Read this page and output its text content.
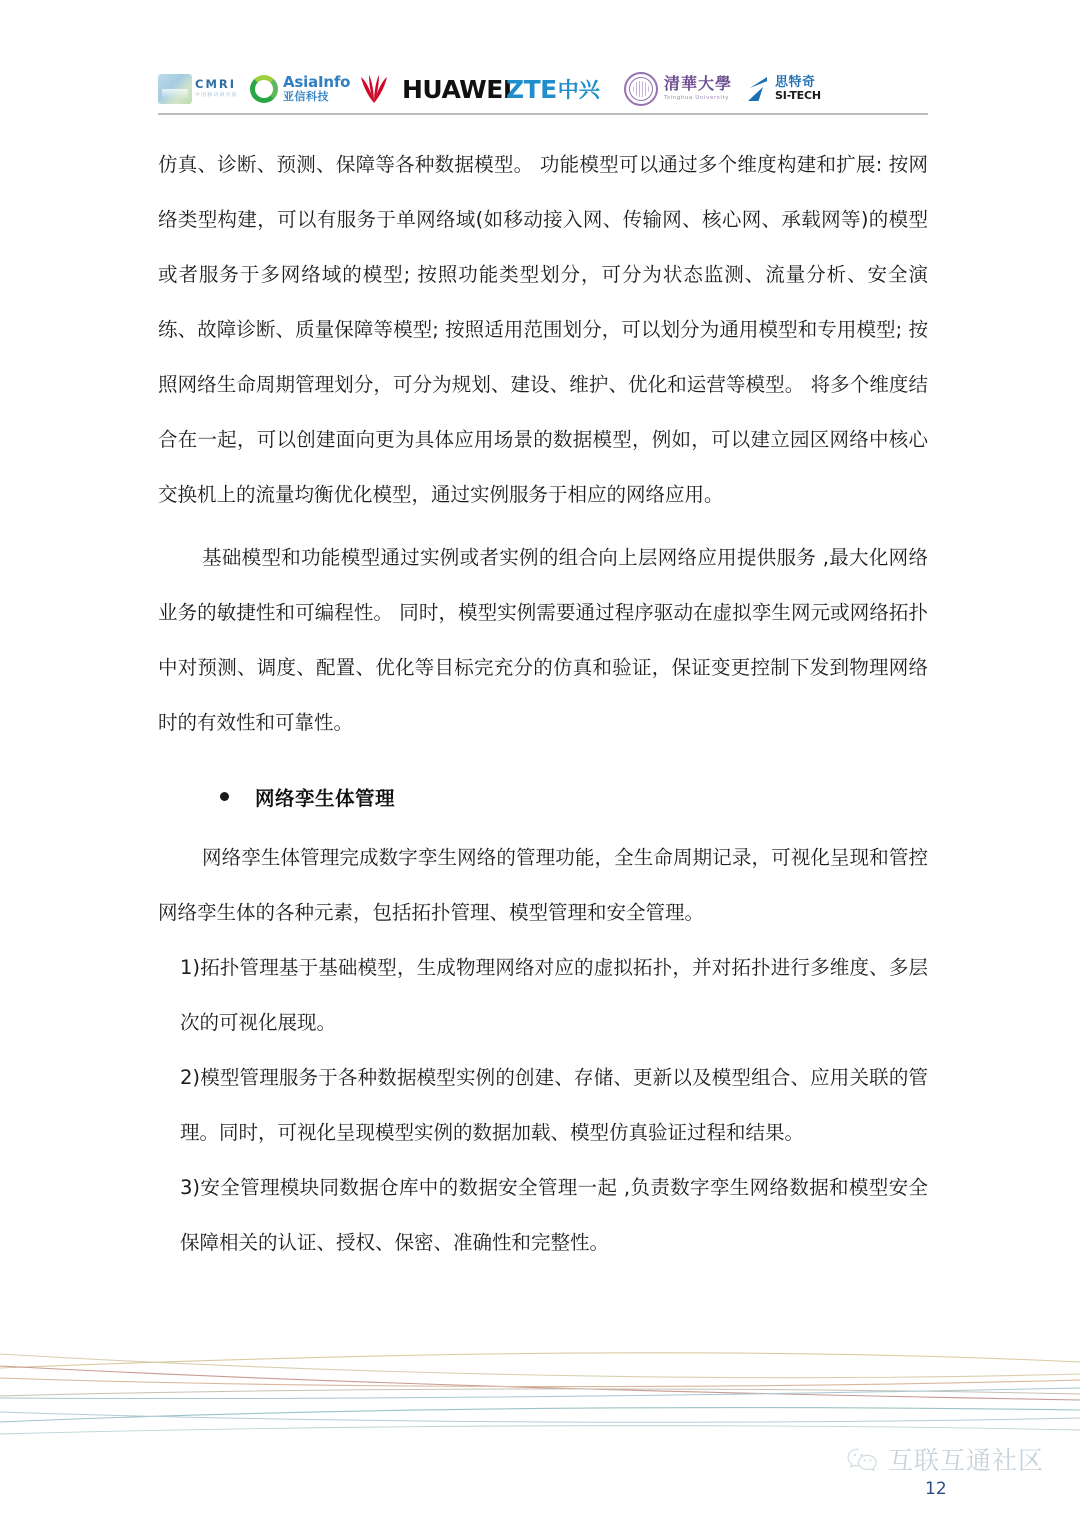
CMRI
中国移动研究院
AsiaInfo
亚信科技	HUAWEI
ZTE 中兴	清華大學
Tsinghua University
思特奇
SI-TECH

仿真、诊断、预测、保障等各种数据模型。 功能模型可以通过多个维度构建和扩展: 按网络类型构建，可以有服务于单网络域(如移动接入网、传输网、核心网、承载网等)的模型或者服务于多网络域的模型; 按照功能类型划分，可分为状态监测、流量分析、安全演练、故障诊断、质量保障等模型; 按照适用范围划分，可以划分为通用模型和专用模型; 按照网络生命周期管理划分，可分为规划、建设、维护、优化和运营等模型。 将多个维度结合在一起，可以创建面向更为具体应用场景的数据模型，例如，可以建立园区网络中核心交换机上的流量均衡优化模型，通过实例服务于相应的网络应用。

基础模型和功能模型通过实例或者实例的组合向上层网络应用提供服务 ,最大化网络业务的敏捷性和可编程性。 同时，模型实例需要通过程序驱动在虚拟孪生网元或网络拓扑中对预测、调度、配置、优化等目标完充分的仿真和验证，保证变更控制下发到物理网络时的有效性和可靠性。

网络孪生体管理

网络孪生体管理完成数字孪生网络的管理功能，全生命周期记录，可视化呈现和管控网络孪生体的各种元素，包括拓扑管理、模型管理和安全管理。

1)拓扑管理基于基础模型，生成物理网络对应的虚拟拓扑，并对拓扑进行多维度、多层次的可视化展现。

2)模型管理服务于各种数据模型实例的创建、存储、更新以及模型组合、应用关联的管理。同时，可视化呈现模型实例的数据加载、模型仿真验证过程和结果。

3)安全管理模块同数据仓库中的数据安全管理一起 ,负责数字孪生网络数据和模型安全保障相关的认证、授权、保密、准确性和完整性。

互联互通社区
12
